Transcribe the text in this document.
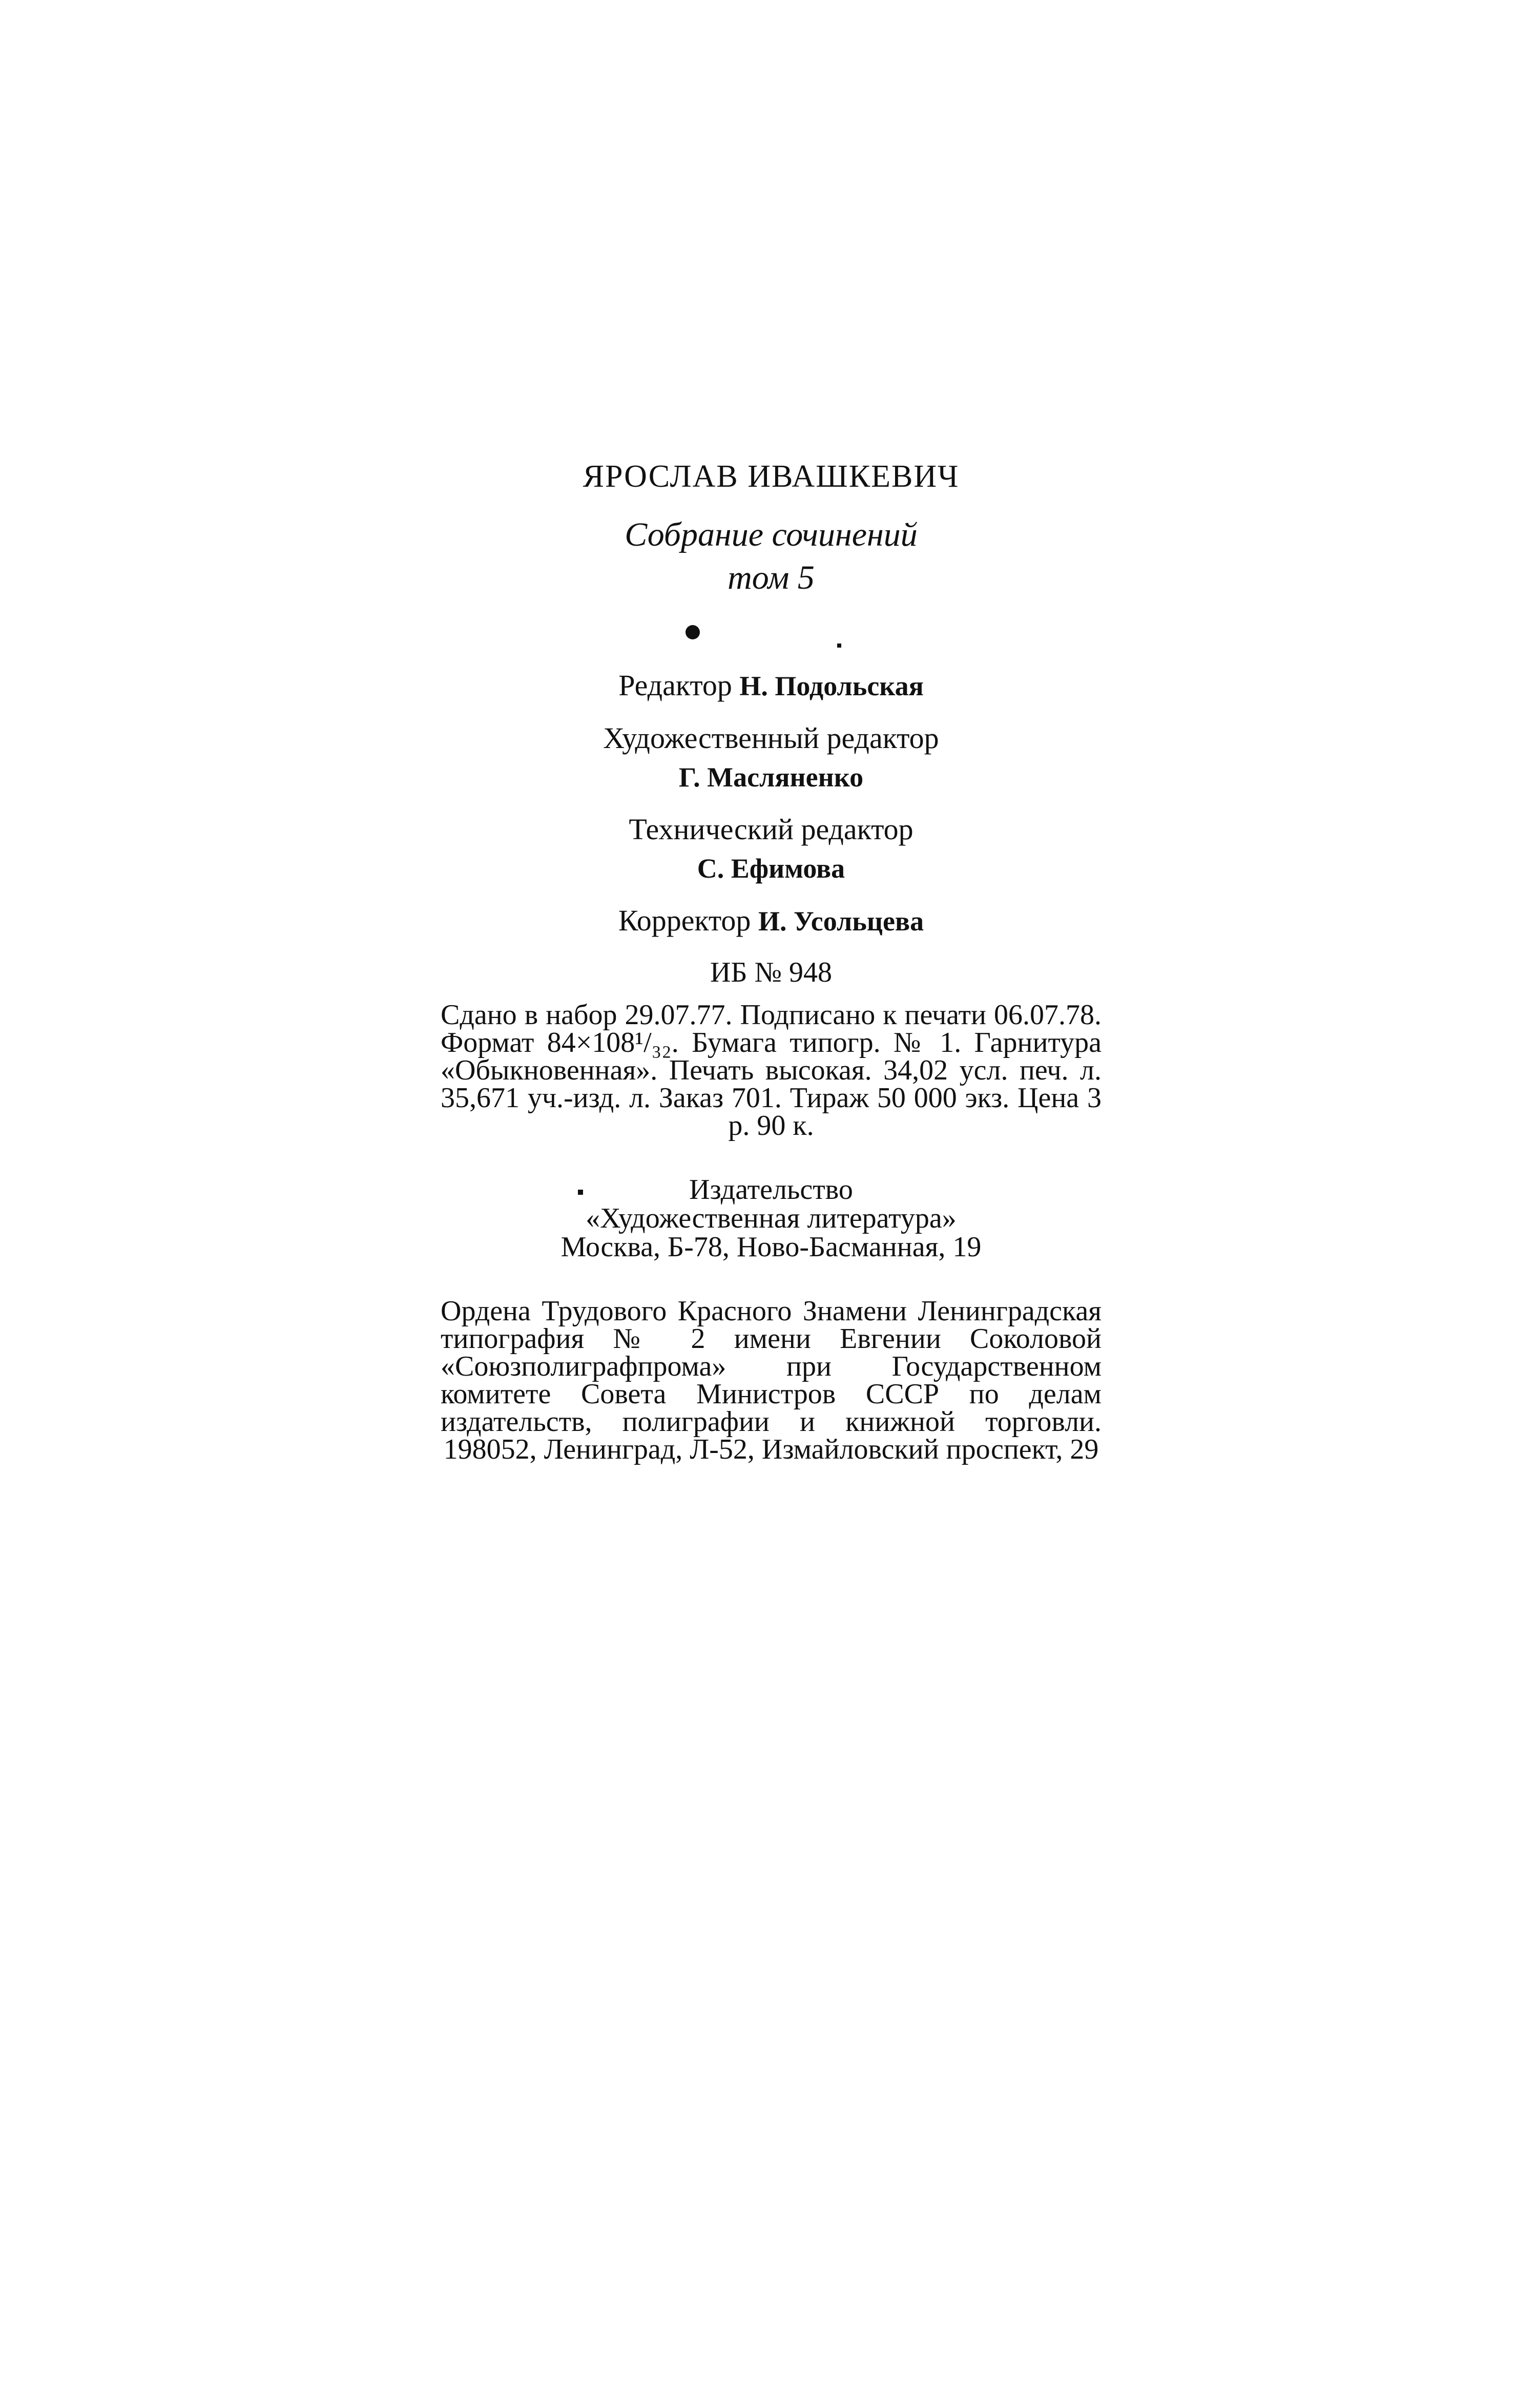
ЯРОСЛАВ ИВАШКЕВИЧ
Собрание сочинений
том 5
Редактор Н. Подольская
Художественный редактор
Г. Масляненко
Технический редактор
С. Ефимова
Корректор И. Усольцева
ИБ № 948

Сдано в набор 29.07.77. Подписано к печати 06.07.78. Формат 84×108¹/₃₂. Бумага типогр. № 1. Гарнитура «Обыкновенная». Печать высокая. 34,02 усл. печ. л. 35,671 уч.-изд. л. Заказ 701. Тираж 50 000 экз. Цена 3 р. 90 к.

Издательство
«Художественная литература»
Москва, Б-78, Ново-Басманная, 19

Ордена Трудового Красного Знамени Ленинградская типография № 2 имени Евгении Соколовой «Союзполиграфпрома» при Государственном комитете Совета Министров СССР по делам издательств, полиграфии и книжной торговли. 198052, Ленинград, Л-52, Измайловский проспект, 29
